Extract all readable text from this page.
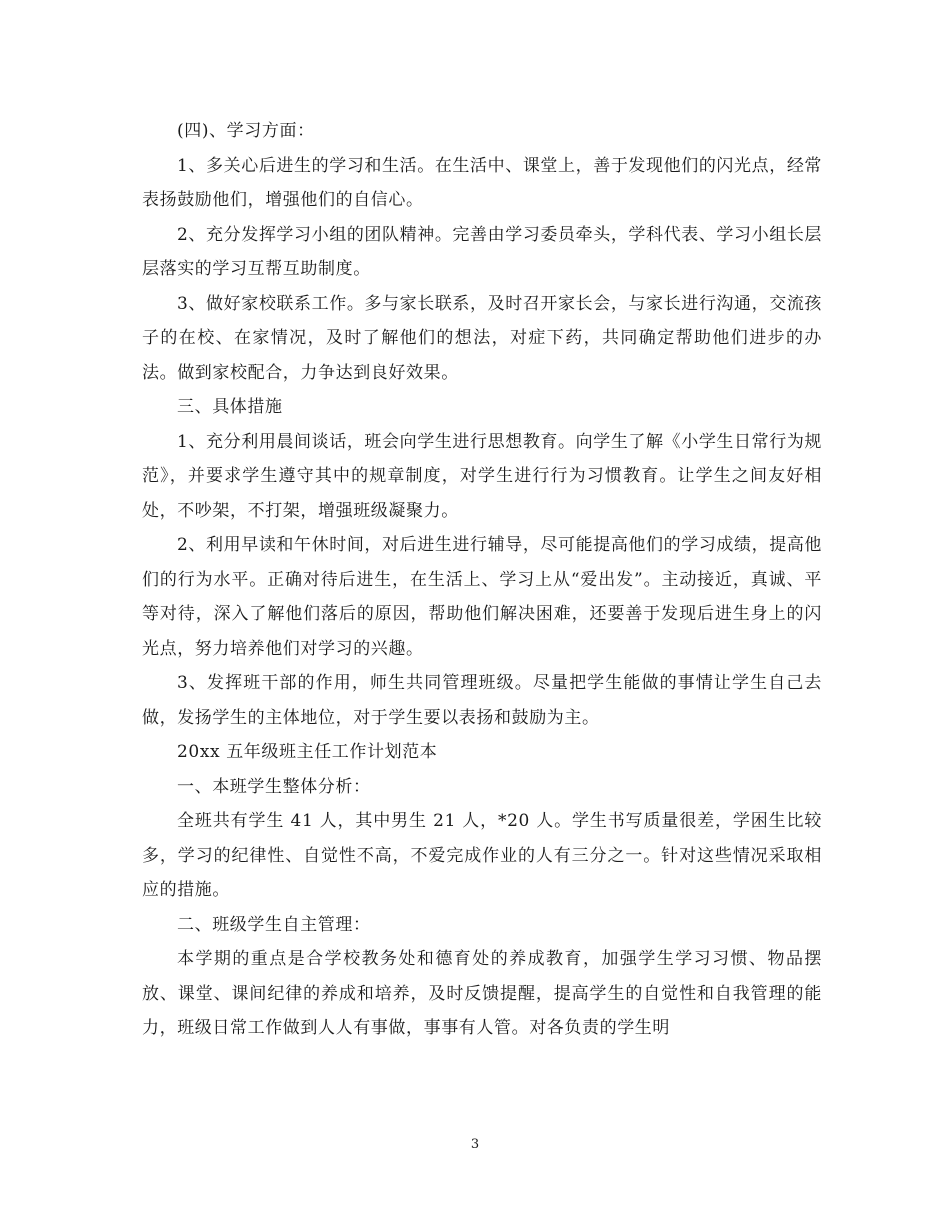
(四)、学习方面：

1、多关心后进生的学习和生活。在生活中、课堂上，善于发现他们的闪光点，经常表扬鼓励他们，增强他们的自信心。

2、充分发挥学习小组的团队精神。完善由学习委员牵头，学科代表、学习小组长层层落实的学习互帮互助制度。

3、做好家校联系工作。多与家长联系，及时召开家长会，与家长进行沟通，交流孩子的在校、在家情况，及时了解他们的想法，对症下药，共同确定帮助他们进步的办法。做到家校配合，力争达到良好效果。

三、具体措施

1、充分利用晨间谈话，班会向学生进行思想教育。向学生了解《小学生日常行为规范》，并要求学生遵守其中的规章制度，对学生进行行为习惯教育。让学生之间友好相处，不吵架，不打架，增强班级凝聚力。

2、利用早读和午休时间，对后进生进行辅导，尽可能提高他们的学习成绩，提高他们的行为水平。正确对待后进生，在生活上、学习上从“爱出发”。主动接近，真诚、平等对待，深入了解他们落后的原因，帮助他们解决困难，还要善于发现后进生身上的闪光点，努力培养他们对学习的兴趣。

3、发挥班干部的作用，师生共同管理班级。尽量把学生能做的事情让学生自己去做，发扬学生的主体地位，对于学生要以表扬和鼓励为主。

20xx 五年级班主任工作计划范本

一、本班学生整体分析：

全班共有学生 41 人，其中男生 21 人，*20 人。学生书写质量很差，学困生比较多，学习的纪律性、自觉性不高，不爱完成作业的人有三分之一。针对这些情况采取相应的措施。

二、班级学生自主管理：

本学期的重点是合学校教务处和德育处的养成教育，加强学生学习习惯、物品摆放、课堂、课间纪律的养成和培养，及时反馈提醒，提高学生的自觉性和自我管理的能力，班级日常工作做到人人有事做，事事有人管。对各负责的学生明

3
